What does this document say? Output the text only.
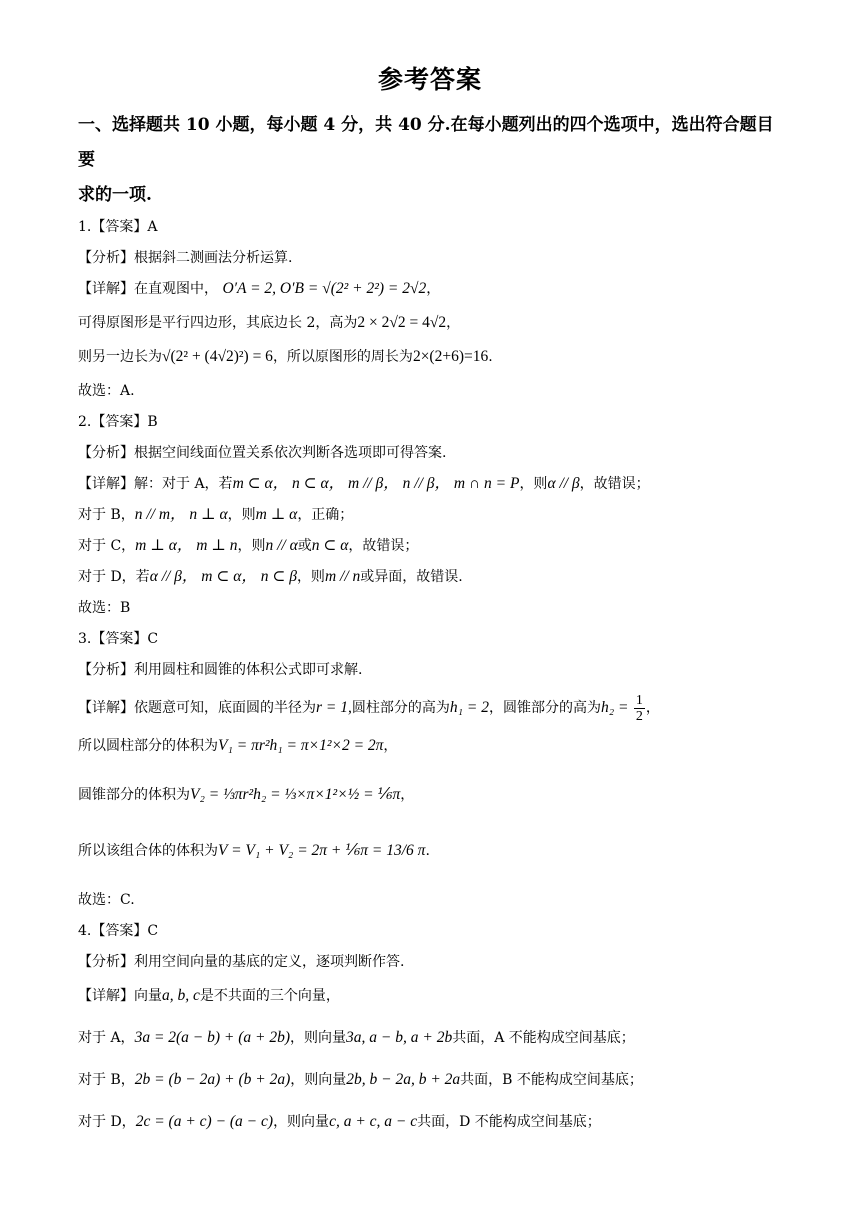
参考答案
一、选择题共 10 小题，每小题 4 分，共 40 分.在每小题列出的四个选项中，选出符合题目要
求的一项.

1.【答案】A

【分析】根据斜二测画法分析运算.

【详解】在直观图中， O′A = 2, O′B = √(2² + 2²) = 2√2，

可得原图形是平行四边形，其底边长 2，高为2 × 2√2 = 4√2，

则另一边长为√(2² + (4√2)²) = 6，所以原图形的周长为2×(2+6)=16.

故选：A.

2.【答案】B

【分析】根据空间线面位置关系依次判断各选项即可得答案.

【详解】解：对于 A，若m ⊂ α， n ⊂ α， m // β， n // β， m ∩ n = P，则α // β，故错误；

对于 B，n // m， n ⊥ α，则m ⊥ α，正确；

对于 C，m ⊥ α， m ⊥ n，则n // α或n ⊂ α，故错误；

对于 D，若α // β， m ⊂ α， n ⊂ β，则m // n或异面，故错误.

故选：B

3.【答案】C

【分析】利用圆柱和圆锥的体积公式即可求解.

【详解】依题意可知，底面圆的半径为r = 1,圆柱部分的高为h₁ = 2，圆锥部分的高为$h_2 = \frac{1}{2}$ ，

所以圆柱部分的体积为V₁ = πr²h₁ = π×1²×2 = 2π，

圆锥部分的体积为V₂ = ⅓πr²h₂ = ⅓×π×1²×½ = ⅙π，

所以该组合体的体积为V = V₁ + V₂ = 2π + ⅙π = 13/6 π.

故选：C.

4.【答案】C

【分析】利用空间向量的基底的定义，逐项判断作答.

【详解】向量a, b, c是不共面的三个向量，

对于 A，3a = 2(a − b) + (a + 2b)，则向量3a, a − b, a + 2b共面，A 不能构成空间基底；

对于 B，2b = (b − 2a) + (b + 2a)，则向量2b, b − 2a, b + 2a共面，B 不能构成空间基底；

对于 D，2c = (a + c) − (a − c)，则向量c, a + c, a − c共面，D 不能构成空间基底；
